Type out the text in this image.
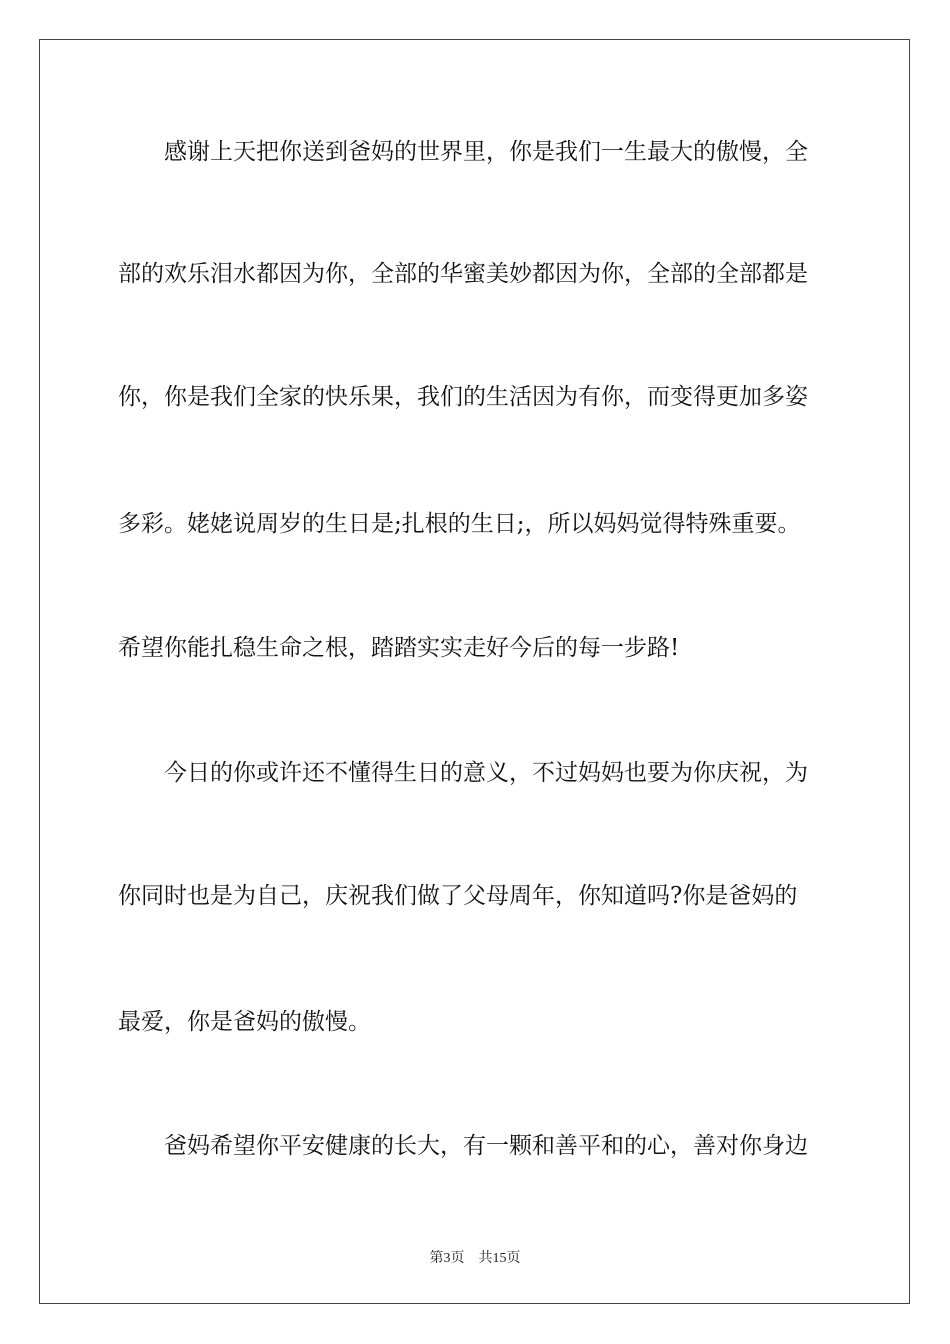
感谢上天把你送到爸妈的世界里，你是我们一生最大的傲慢，全
部的欢乐泪水都因为你，全部的华蜜美妙都因为你，全部的全部都是
你，你是我们全家的快乐果，我们的生活因为有你，而变得更加多姿
多彩。姥姥说周岁的生日是;扎根的生日;，所以妈妈觉得特殊重要。
希望你能扎稳生命之根，踏踏实实走好今后的每一步路!
今日的你或许还不懂得生日的意义，不过妈妈也要为你庆祝，为
你同时也是为自己，庆祝我们做了父母周年，你知道吗?你是爸妈的
最爱，你是爸妈的傲慢。
爸妈希望你平安健康的长大，有一颗和善平和的心，善对你身边
第3页 共15页
